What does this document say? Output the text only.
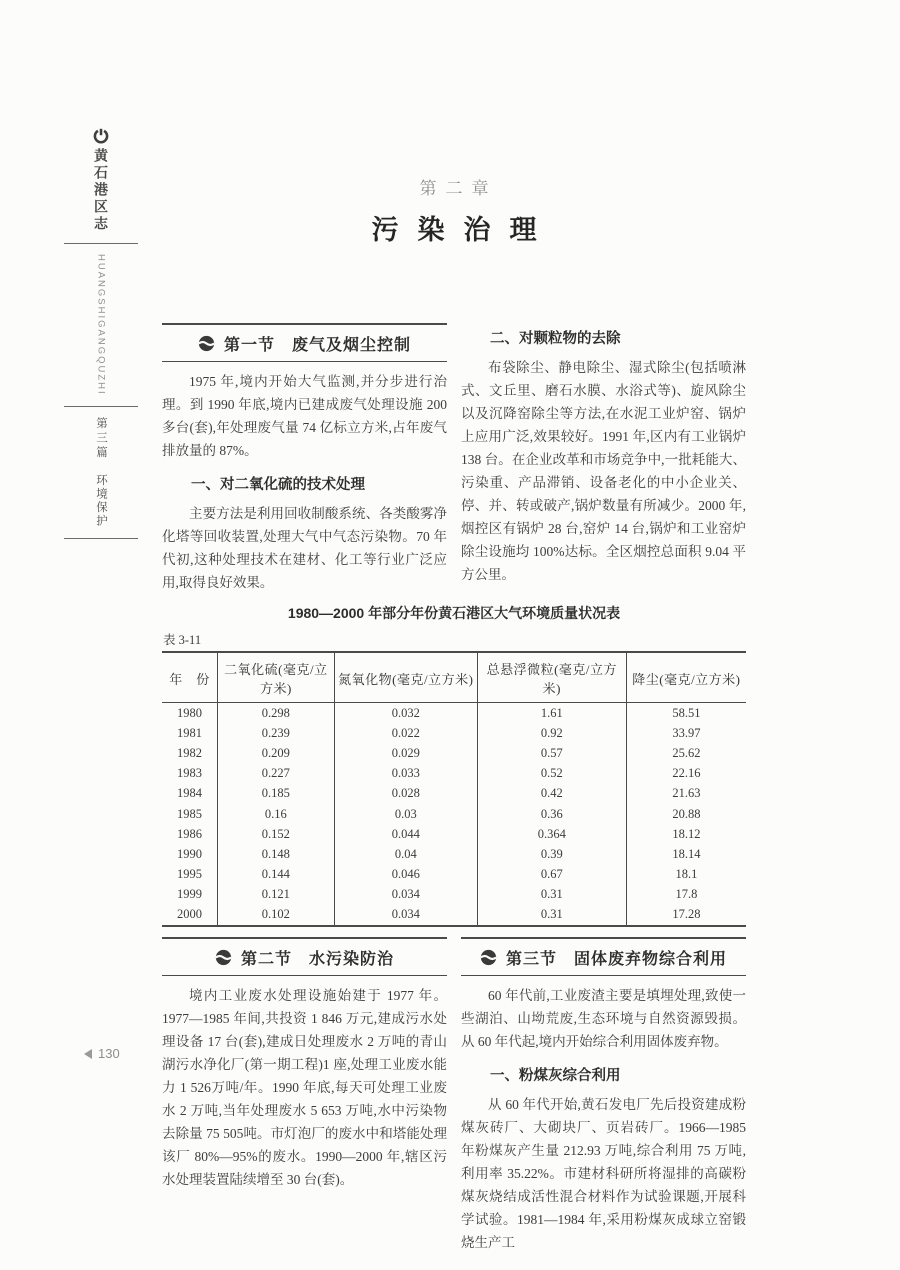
黄石港区志
HUANGSHIGANGQUZHI
第三篇
环境保护
第二章
污染治理
第一节　废气及烟尘控制

1975 年,境内开始大气监测,并分步进行治理。到 1990 年底,境内已建成废气处理设施 200 多台(套),年处理废气量 74 亿标立方米,占年废气排放量的 87%。

一、对二氧化硫的技术处理

主要方法是利用回收制酸系统、各类酸雾净化塔等回收装置,处理大气中气态污染物。70 年代初,这种处理技术在建材、化工等行业广泛应用,取得良好效果。

二、对颗粒物的去除

布袋除尘、静电除尘、湿式除尘(包括喷淋式、文丘里、磨石水膜、水浴式等)、旋风除尘以及沉降窑除尘等方法,在水泥工业炉窑、锅炉上应用广泛,效果较好。1991 年,区内有工业锅炉 138 台。在企业改革和市场竞争中,一批耗能大、污染重、产品滞销、设备老化的中小企业关、停、并、转或破产,锅炉数量有所减少。2000 年,烟控区有锅炉 28 台,窑炉 14 台,锅炉和工业窑炉除尘设施均 100%达标。全区烟控总面积 9.04 平方公里。

1980—2000 年部分年份黄石港区大气环境质量状况表
表 3-11
年　份	二氧化硫(毫克/立方米)	氮氧化物(毫克/立方米)	总悬浮微粒(毫克/立方米)	降尘(毫克/立方米)
1980	0.298	0.032	1.61	58.51
1981	0.239	0.022	0.92	33.97
1982	0.209	0.029	0.57	25.62
1983	0.227	0.033	0.52	22.16
1984	0.185	0.028	0.42	21.63
1985	0.16	0.03	0.36	20.88
1986	0.152	0.044	0.364	18.12
1990	0.148	0.04	0.39	18.14
1995	0.144	0.046	0.67	18.1
1999	0.121	0.034	0.31	17.8
2000	0.102	0.034	0.31	17.28
第二节　水污染防治

境内工业废水处理设施始建于 1977 年。1977—1985 年间,共投资 1 846 万元,建成污水处理设备 17 台(套),建成日处理废水 2 万吨的青山湖污水净化厂(第一期工程)1 座,处理工业废水能力 1 526万吨/年。1990 年底,每天可处理工业废水 2 万吨,当年处理废水 5 653 万吨,水中污染物去除量 75 505吨。市灯泡厂的废水中和塔能处理该厂 80%—95%的废水。1990—2000 年,辖区污水处理装置陆续增至 30 台(套)。

第三节　固体废弃物综合利用

60 年代前,工业废渣主要是填埋处理,致使一些湖泊、山坳荒废,生态环境与自然资源毁损。从 60 年代起,境内开始综合利用固体废弃物。

一、粉煤灰综合利用

从 60 年代开始,黄石发电厂先后投资建成粉煤灰砖厂、大砌块厂、页岩砖厂。1966—1985 年粉煤灰产生量 212.93 万吨,综合利用 75 万吨,利用率 35.22%。市建材科研所将湿排的高碳粉煤灰烧结成活性混合材料作为试验课题,开展科学试验。1981—1984 年,采用粉煤灰成球立窑锻烧生产工

130
